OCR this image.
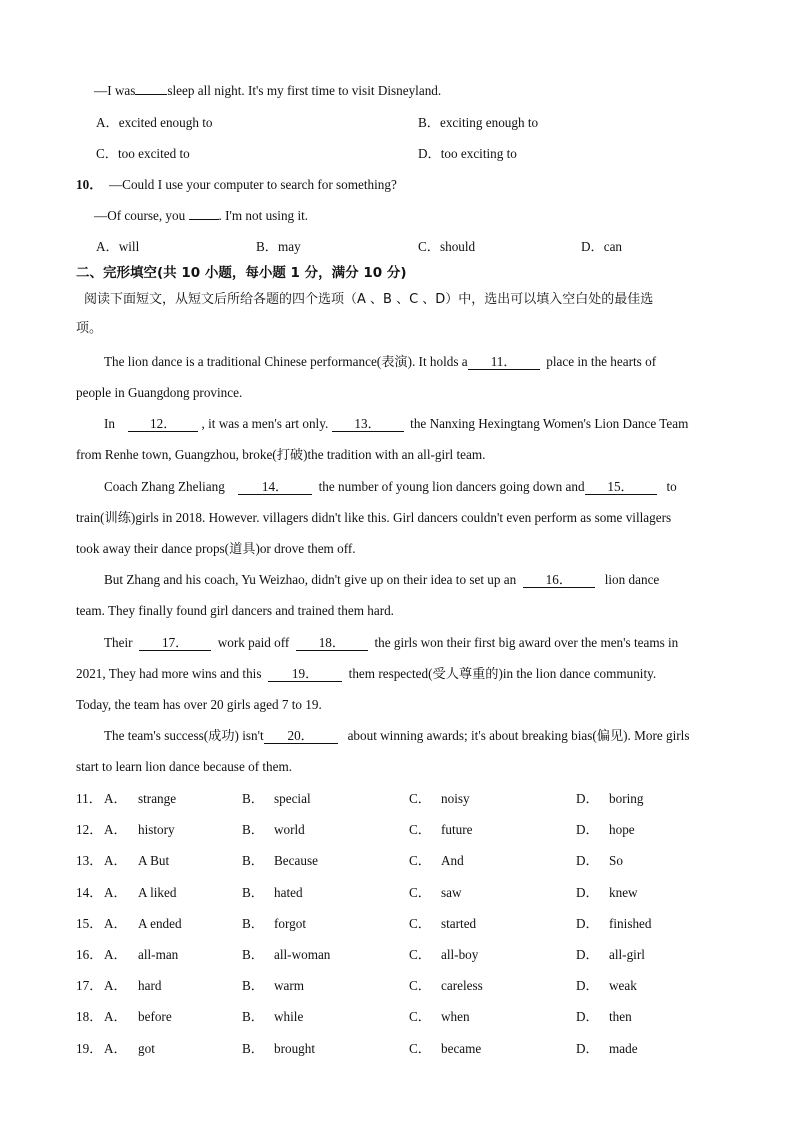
—I was sleep all night. It's my first time to visit Disneyland.
A．excited enough to	B．exciting enough to
C．too excited to	D．too exciting to
10． —Could I use your computer to search for something?
—Of course, you	. I'm not using it.
A．will	B．may	C．should	D．can
二、完形填空(共 10 小题，每小题 1 分，满分 10 分)
阅读下面短文，从短文后所给各题的四个选项（A 、B 、C 、D）中，选出可以填入空白处的最佳选
项。
The lion dance is a traditional Chinese performance(表演). It holds a 11． place in the hearts of
people in Guangdong province.
In	12． , it was a men's art only. 13． the Nanxing Hexingtang Women's Lion Dance Team
from Renhe town, Guangzhou, broke(打破)the tradition with an all-girl team.
Coach Zhang Zheliang	14． the number of young lion dancers going down and 15． to
train(训练)girls in 2018. However. villagers didn't like this. Girl dancers couldn't even perform as some villagers
took away their dance props(道具)or drove them off.
But Zhang and his coach, Yu Weizhao, didn't give up on their idea to set up an 16． lion dance
team. They finally found girl dancers and trained them hard.
Their 17． work paid off 18． the girls won their first big award over the men's teams in
2021, They had more wins and this 19． them respected(受人尊重的)in the lion dance community.
Today, the team has over 20 girls aged 7 to 19.
The team's success(成功) isn't 20．	about winning awards; it's about breaking bias(偏见). More girls
start to learn lion dance because of them.
11． A． strange	B． special	C． noisy	D． boring
12． A． history	B． world	C． future	D． hope
13． A． A But	B． Because	C． And	D． So
14． A． A liked	B． hated	C． saw	D． knew
15． A． A ended	B． forgot	C． started	D． finished
16． A． all-man	B． all-woman	C． all-boy	D． all-girl
17． A． hard	B． warm	C． careless	D． weak
18． A． before	B． while	C． when	D． then
19． A． got	B． brought	C． became	D． made
